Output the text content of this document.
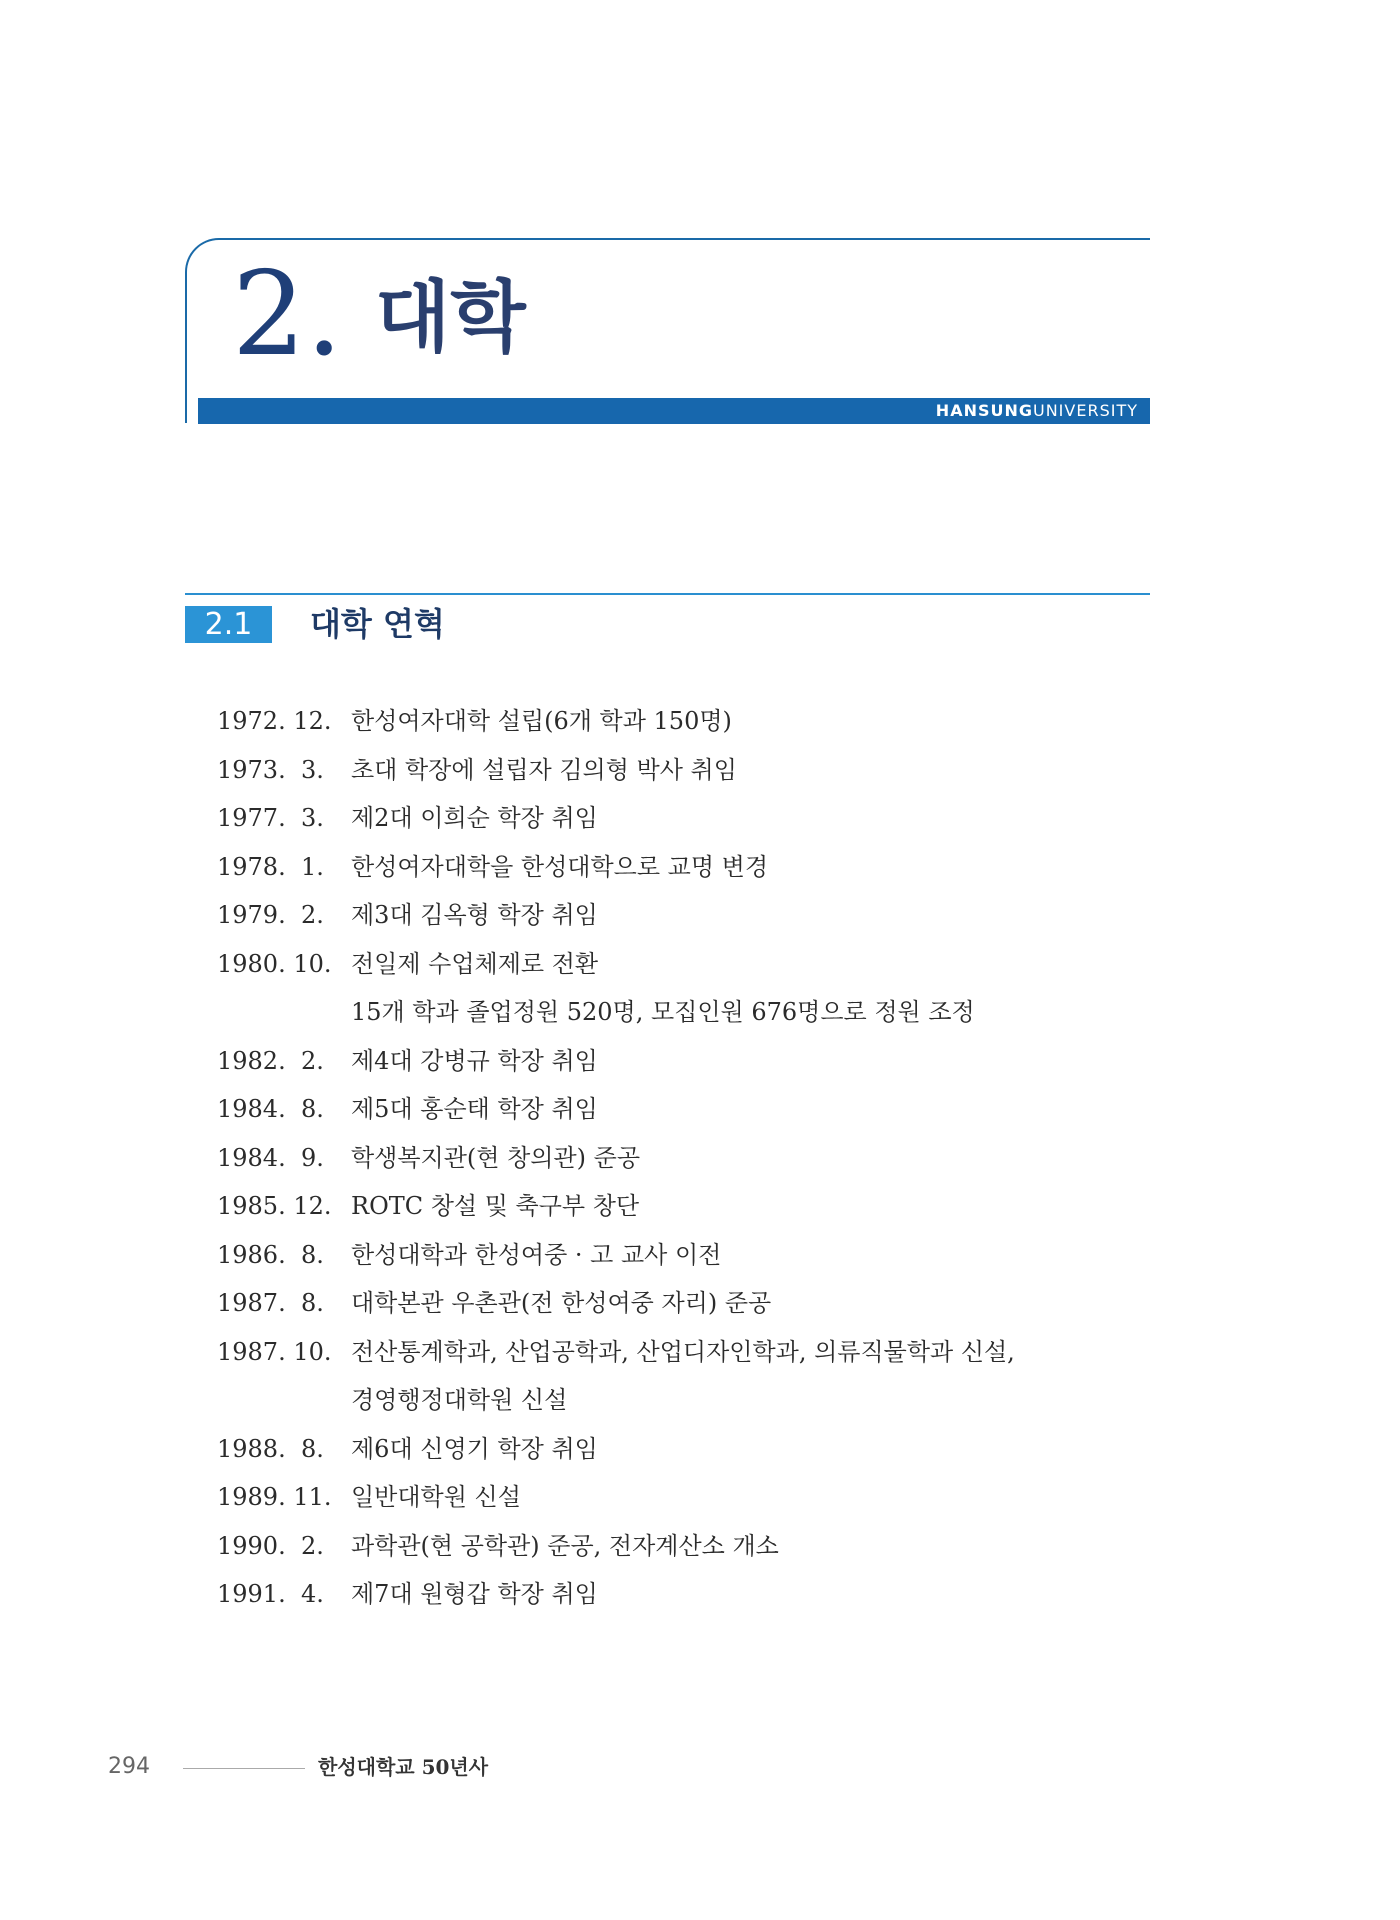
2. 대학
HANSUNGUNIVERSITY
2.1	대학 연혁
1972. 12. 한성여자대학 설립(6개 학과 150명)
1973.  3.	초대 학장에 설립자 김의형 박사 취임
1977.  3.	제2대 이희순 학장 취임
1978.  1.	한성여자대학을 한성대학으로 교명 변경
1979.  2.	제3대 김옥형 학장 취임
1980. 10. 전일제 수업체제로 전환
15개 학과 졸업정원 520명, 모집인원 676명으로 정원 조정
1982.  2.	제4대 강병규 학장 취임
1984.  8.	제5대 홍순태 학장 취임
1984.  9.	학생복지관(현 창의관) 준공
1985. 12. ROTC 창설 및 축구부 창단
1986.  8.	한성대학과 한성여중 · 고 교사 이전
1987.  8.	대학본관 우촌관(전 한성여중 자리) 준공
1987. 10. 전산통계학과, 산업공학과, 산업디자인학과, 의류직물학과 신설,
경영행정대학원 신설
1988.  8.	제6대 신영기 학장 취임
1989. 11. 일반대학원 신설
1990.  2.	과학관(현 공학관) 준공, 전자계산소 개소
1991.  4.	제7대 원형갑 학장 취임
294	한성대학교 50년사
